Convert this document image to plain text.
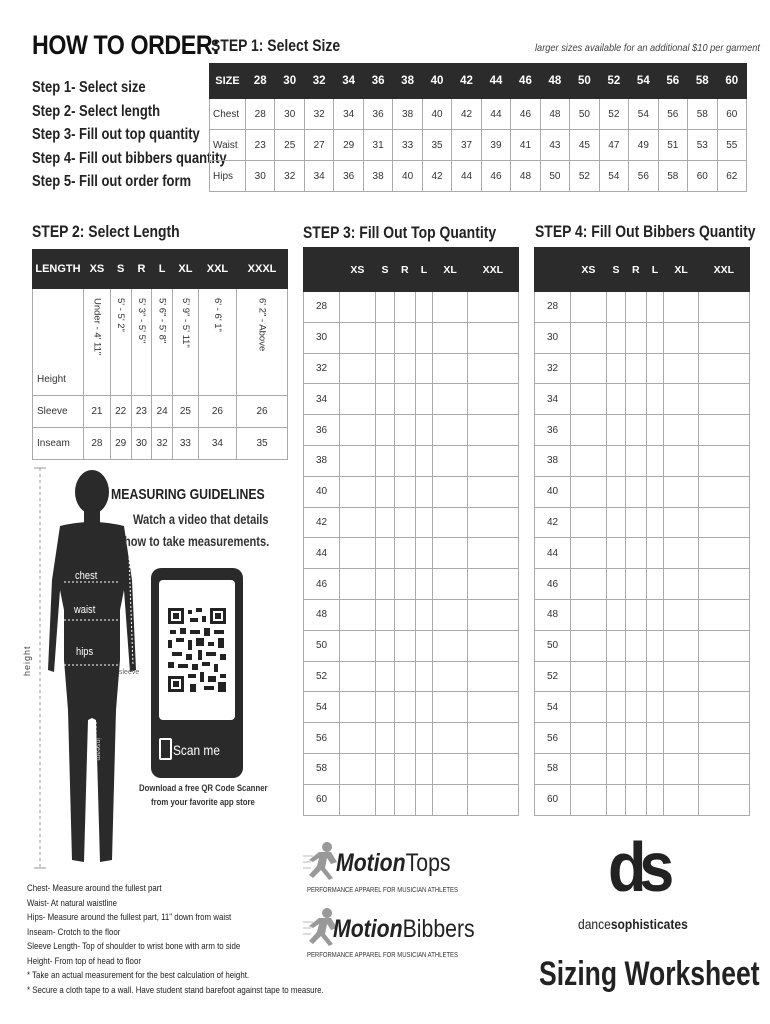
HOW TO ORDER:
Step 1- Select size
Step 2- Select length
Step 3- Fill out top quantity
Step 4- Fill out bibbers quantity
Step 5- Fill out order form
STEP 1: Select Size	larger sizes available for an additional $10 per garment
SIZE	28	30	32	34	36	38	40	42	44	46	48	50	52	54	56	58	60
Chest	28	30	32	34	36	38	40	42	44	46	48	50	52	54	56	58	60
Waist	23	25	27	29	31	33	35	37	39	41	43	45	47	49	51	53	55
Hips	30	32	34	36	38	40	42	44	46	48	50	52	54	56	58	60	62
STEP 2: Select Length
LENGTH	XS	S	R	L	XL	XXL	XXXL
Height	Under - 4' 11"	5' - 5' 2"	5' 3" - 5' 5"	5' 6" - 5' 8"	5' 9" - 5' 11"	6' - 6' 1"	6' 2" - Above
Sleeve	21	22	23	24	25	26	26
Inseam	28	29	30	32	33	34	35
STEP 3: Fill Out Top Quantity
	XS	S	R	L	XL	XXL
28						
30						
32						
34						
36						
38						
40						
42						
44						
46						
48						
50						
52						
54						
56						
58						
60						
STEP 4: Fill Out Bibbers Quantity
	XS	S	R	L	XL	XXL
28						
30						
32						
34						
36						
38						
40						
42						
44						
46						
48						
50						
52						
54						
56						
58						
60						
chest
waist
hips
height	sleeve
inseam
MEASURING GUIDELINES
Watch a video that details
how to take measurements.
Scan me
Download a free QR Code Scanner
from your favorite app store
Chest- Measure around the fullest part
Waist- At natural waistline
Hips- Measure around the fullest part, 11" down from waist
Inseam- Crotch to the floor
Sleeve Length- Top of shoulder to wrist bone with arm to side
Height- From top of head to floor
* Take an actual measurement for the best calculation of height.
* Secure a cloth tape to a wall. Have student stand barefoot against tape to measure.
MotionTops
PERFORMANCE APPAREL FOR MUSICIAN ATHLETES
MotionBibbers
PERFORMANCE APPAREL FOR MUSICIAN ATHLETES
ds
dancesophisticates
Sizing Worksheet
